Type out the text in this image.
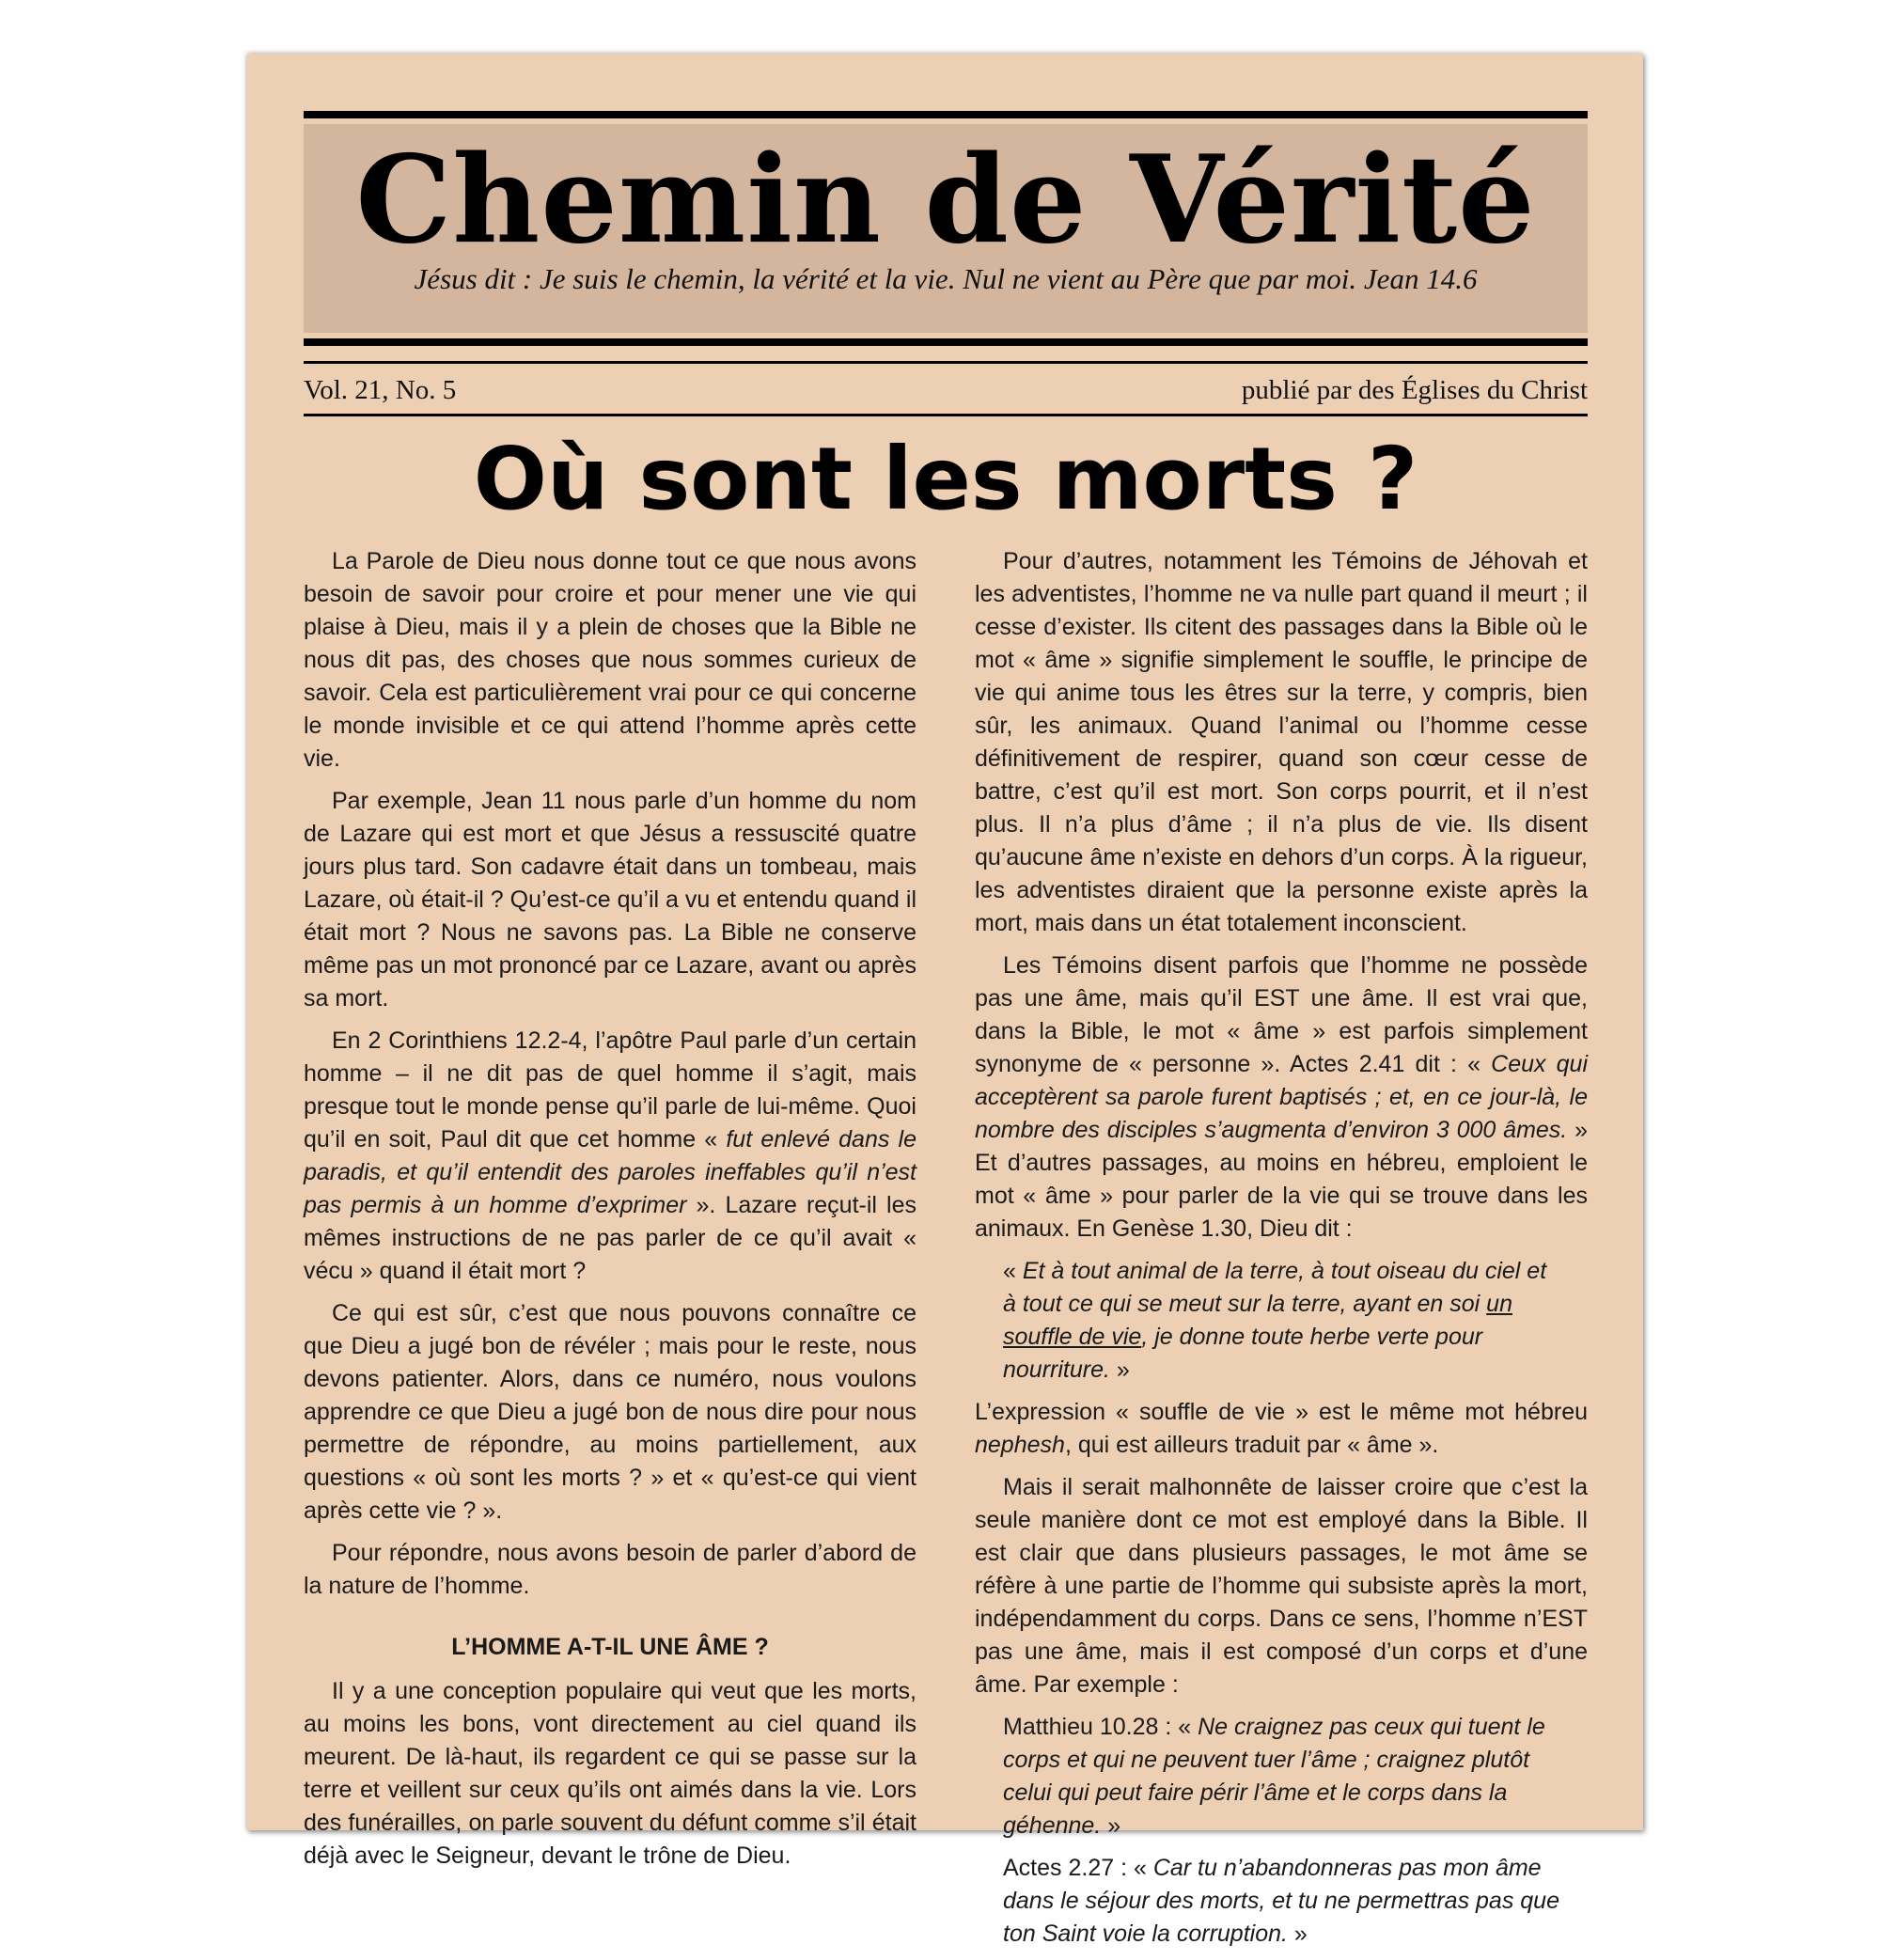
Chemin de Vérité
Jésus dit : Je suis le chemin, la vérité et la vie. Nul ne vient au Père que par moi. Jean 14.6
Vol. 21, No. 5	publié par des Églises du Christ
Où sont les morts ?

La Parole de Dieu nous donne tout ce que nous avons besoin de savoir pour croire et pour mener une vie qui plaise à Dieu, mais il y a plein de choses que la Bible ne nous dit pas, des choses que nous sommes curieux de savoir. Cela est particulièrement vrai pour ce qui concerne le monde invisible et ce qui attend l’homme après cette vie.

Par exemple, Jean 11 nous parle d’un homme du nom de Lazare qui est mort et que Jésus a ressuscité quatre jours plus tard. Son cadavre était dans un tombeau, mais Lazare, où était-il ? Qu’est-ce qu’il a vu et entendu quand il était mort ? Nous ne savons pas. La Bible ne conserve même pas un mot prononcé par ce Lazare, avant ou après sa mort.

En 2 Corinthiens 12.2-4, l’apôtre Paul parle d’un certain homme – il ne dit pas de quel homme il s’agit, mais presque tout le monde pense qu’il parle de lui-même. Quoi qu’il en soit, Paul dit que cet homme « fut enlevé dans le paradis, et qu’il entendit des paroles ineffables qu’il n’est pas permis à un homme d’exprimer ». Lazare reçut-il les mêmes instructions de ne pas parler de ce qu’il avait « vécu » quand il était mort ?

Ce qui est sûr, c’est que nous pouvons connaître ce que Dieu a jugé bon de révéler ; mais pour le reste, nous devons patienter. Alors, dans ce numéro, nous voulons apprendre ce que Dieu a jugé bon de nous dire pour nous permettre de répondre, au moins partiellement, aux questions « où sont les morts ? » et « qu’est-ce qui vient après cette vie ? ».

Pour répondre, nous avons besoin de parler d’abord de la nature de l’homme.

L’HOMME A-T-IL UNE ÂME ?

Il y a une conception populaire qui veut que les morts, au moins les bons, vont directement au ciel quand ils meurent. De là-haut, ils regardent ce qui se passe sur la terre et veillent sur ceux qu’ils ont aimés dans la vie. Lors des funérailles, on parle souvent du défunt comme s’il était déjà avec le Seigneur, devant le trône de Dieu.

Pour d’autres, notamment les Témoins de Jéhovah et les adventistes, l’homme ne va nulle part quand il meurt ; il cesse d’exister. Ils citent des passages dans la Bible où le mot « âme » signifie simplement le souffle, le principe de vie qui anime tous les êtres sur la terre, y compris, bien sûr, les animaux. Quand l’animal ou l’homme cesse définitivement de respirer, quand son cœur cesse de battre, c’est qu’il est mort. Son corps pourrit, et il n’est plus. Il n’a plus d’âme ; il n’a plus de vie. Ils disent qu’aucune âme n’existe en dehors d’un corps. À la rigueur, les adventistes diraient que la personne existe après la mort, mais dans un état totalement inconscient.

Les Témoins disent parfois que l’homme ne possède pas une âme, mais qu’il EST une âme. Il est vrai que, dans la Bible, le mot « âme » est parfois simplement synonyme de « personne ». Actes 2.41 dit : « Ceux qui acceptèrent sa parole furent baptisés ; et, en ce jour-là, le nombre des disciples s’augmenta d’environ 3 000 âmes. » Et d’autres passages, au moins en hébreu, emploient le mot « âme » pour parler de la vie qui se trouve dans les animaux. En Genèse 1.30, Dieu dit :

« Et à tout animal de la terre, à tout oiseau du ciel et à tout ce qui se meut sur la terre, ayant en soi un souffle de vie, je donne toute herbe verte pour nourriture. »

L’expression « souffle de vie » est le même mot hébreu nephesh, qui est ailleurs traduit par « âme ».

Mais il serait malhonnête de laisser croire que c’est la seule manière dont ce mot est employé dans la Bible. Il est clair que dans plusieurs passages, le mot âme se réfère à une partie de l’homme qui subsiste après la mort, indépendamment du corps. Dans ce sens, l’homme n’EST pas une âme, mais il est composé d’un corps et d’une âme. Par exemple :

Matthieu 10.28 : « Ne craignez pas ceux qui tuent le corps et qui ne peuvent tuer l’âme ; craignez plutôt celui qui peut faire périr l’âme et le corps dans la géhenne. »

Actes 2.27 : « Car tu n’abandonneras pas mon âme dans le séjour des morts, et tu ne permettras pas que ton Saint voie la corruption. »
